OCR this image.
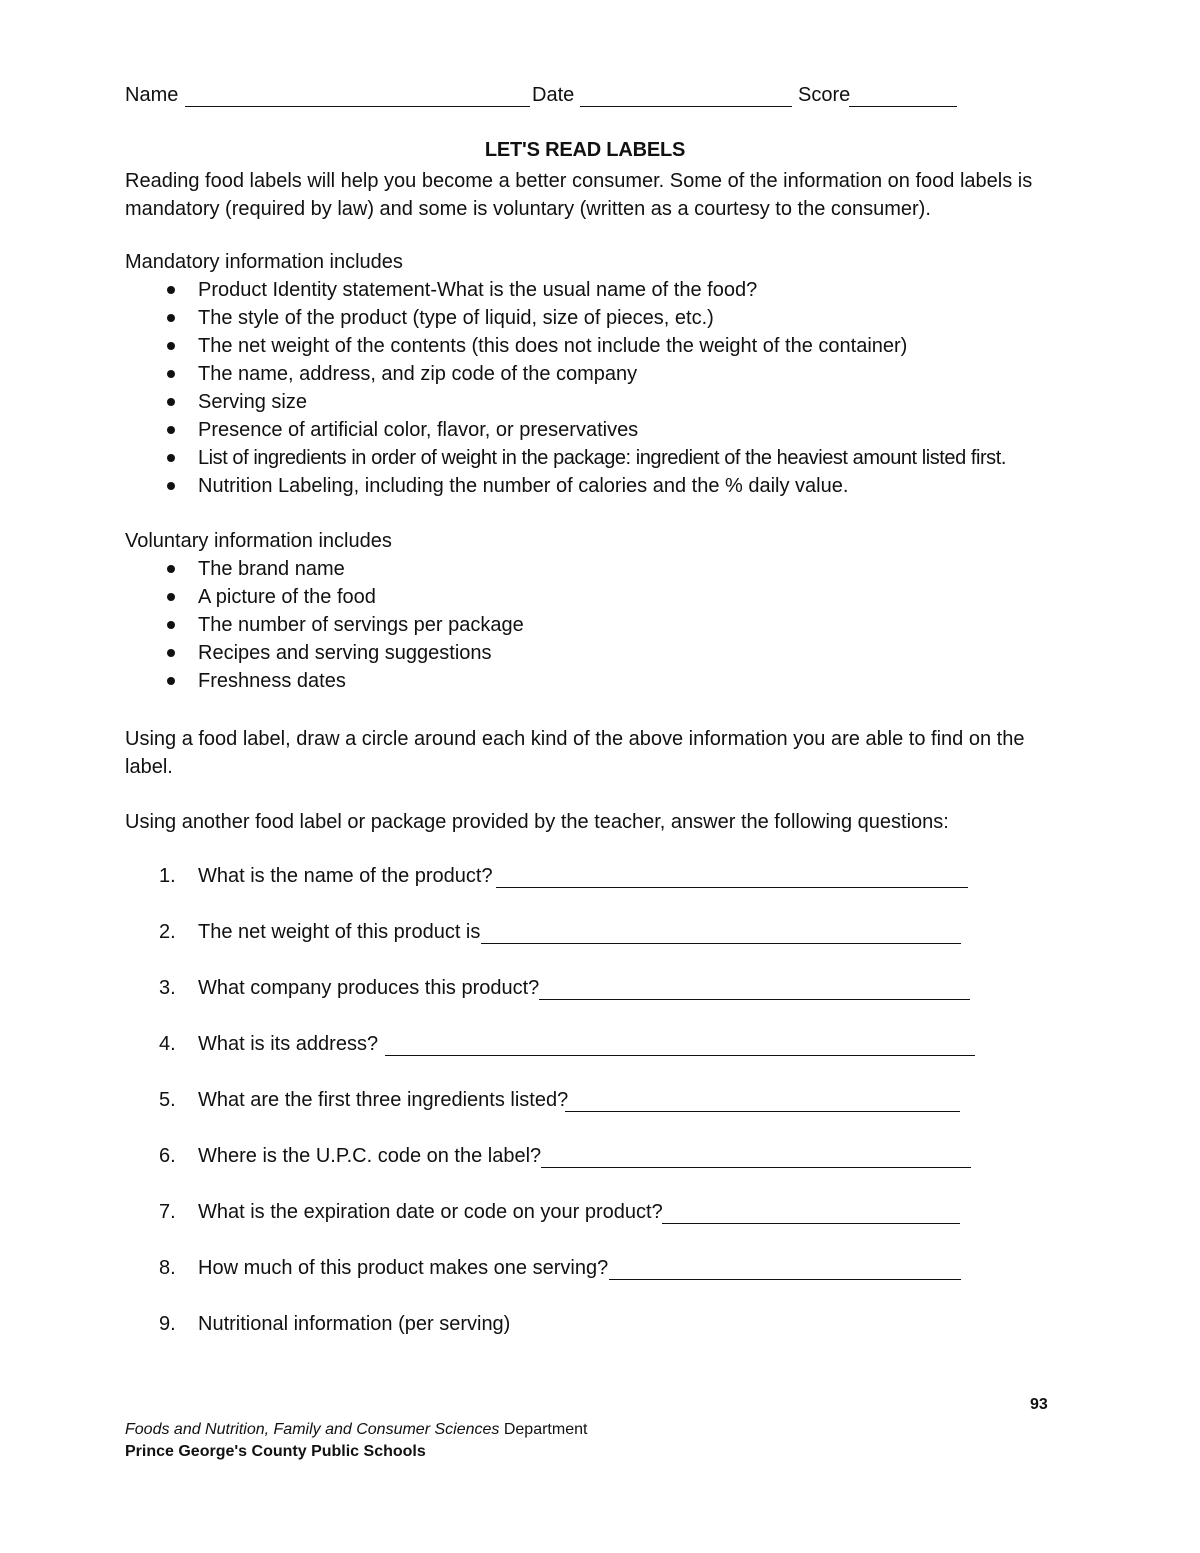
Name	Date	Score
LET'S READ LABELS
Reading food labels will help you become a better consumer. Some of the information on food labels is mandatory (required by law) and some is voluntary (written as a courtesy to the consumer).
Mandatory information includes
Product Identity statement-What is the usual name of the food?
The style of the product (type of liquid, size of pieces, etc.)
The net weight of the contents (this does not include the weight of the container)
The name, address, and zip code of the company
Serving size
Presence of artificial color, flavor, or preservatives
List of ingredients in order of weight in the package: ingredient of the heaviest amount listed first.
Nutrition Labeling, including the number of calories and the % daily value.
Voluntary information includes
The brand name
A picture of the food
The number of servings per package
Recipes and serving suggestions
Freshness dates
Using a food label, draw a circle around each kind of the above information you are able to find on the label.
Using another food label or package provided by the teacher, answer the following questions:
1. What is the name of the product?
2. The net weight of this product is
3. What company produces this product?
4. What is its address?
5. What are the first three ingredients listed?
6. Where is the U.P.C. code on the label?
7. What is the expiration date or code on your product?
8. How much of this product makes one serving?
9. Nutritional information (per serving)
93
Foods and Nutrition, Family and Consumer Sciences Department
Prince George's County Public Schools
